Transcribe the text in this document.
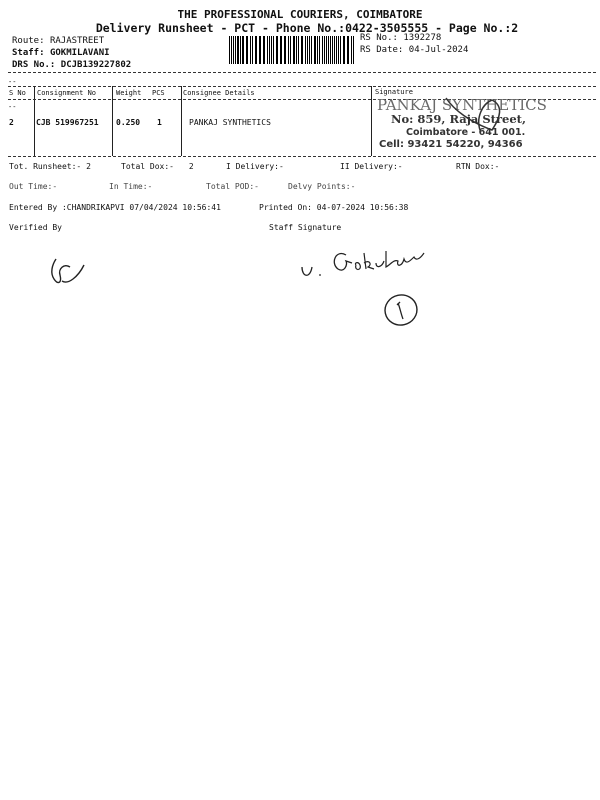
THE PROFESSIONAL COURIERS, COIMBATORE
Delivery Runsheet - PCT - Phone No.:0422-3505555 - Page No.:2
Route: RAJASTREET
Staff: GOKMILAVANI
DRS No.: DCJB139227802
RS No.: 1392278
RS Date: 04-Jul-2024
--
S No Consignment No	Weight PCS	Consignee Details	Signature
--
2	CJB 519967251 0.250 1	PANKAJ SYNTHETICS
PANKAJ SYNTHETICS
No: 859, Raja Street,
Coimbatore - 641 001.
Cell: 93421 54220, 94366
Tot. Runsheet:- 2	Total Dox:- 2	I Delivery:-	II Delivery:-	RTN Dox:-
Out Time:-	In Time:-	Total POD:-	Delvy Points:-
Entered By :CHANDRIKAPVI 07/04/2024 10:56:41	Printed On: 04-07-2024 10:56:38
Verified By	Staff Signature
